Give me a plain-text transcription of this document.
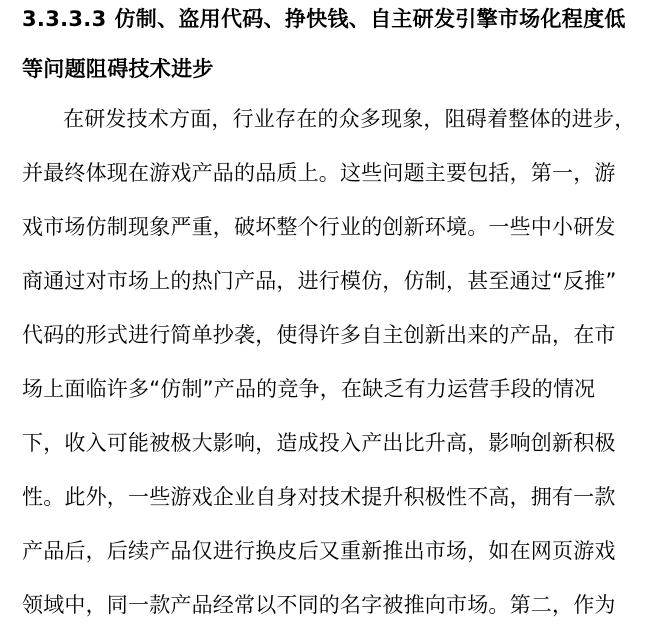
3.3.3.3 仿制、盗用代码、挣快钱、自主研发引擎市场化程度低
等问题阻碍技术进步
在研发技术方面，行业存在的众多现象，阻碍着整体的进步，
并最终体现在游戏产品的品质上。这些问题主要包括，第一，游
戏市场仿制现象严重，破坏整个行业的创新环境。一些中小研发
商通过对市场上的热门产品，进行模仿，仿制，甚至通过“反推”
代码的形式进行简单抄袭，使得许多自主创新出来的产品，在市
场上面临许多“仿制”产品的竞争，在缺乏有力运营手段的情况
下，收入可能被极大影响，造成投入产出比升高，影响创新积极
性。此外，一些游戏企业自身对技术提升积极性不高，拥有一款
产品后，后续产品仅进行换皮后又重新推出市场，如在网页游戏
领域中，同一款产品经常以不同的名字被推向市场。第二，作为
